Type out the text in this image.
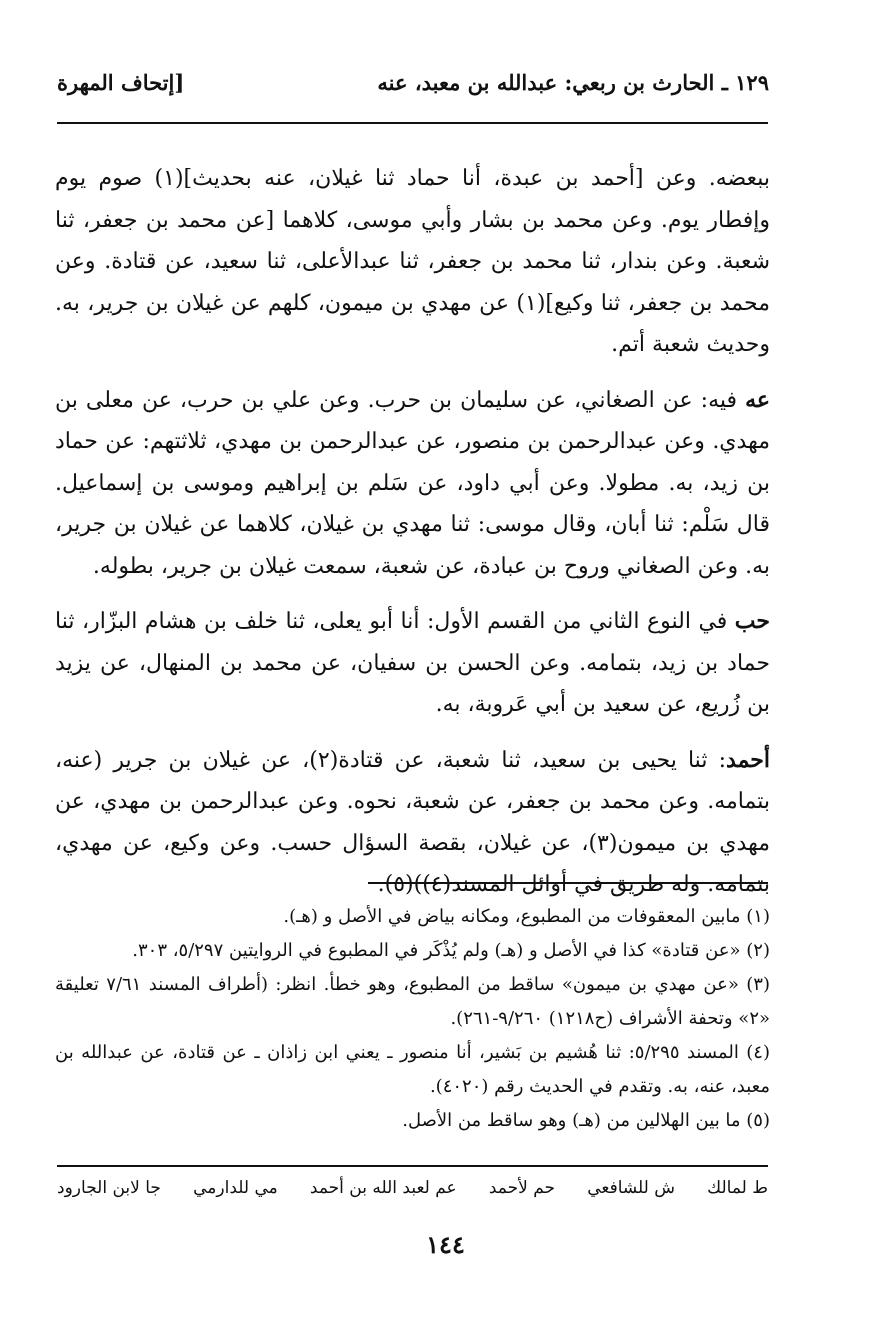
١٢٩ ـ الحارث بن ربعي: عبدالله بن معبد، عنه
[إتحاف المهرة

ببعضه. وعن [أحمد بن عبدة، أنا حماد ثنا غيلان، عنه بحديث](١) صوم يوم وإفطار يوم. وعن محمد بن بشار وأبي موسى، كلاهما [عن محمد بن جعفر، ثنا شعبة. وعن بندار، ثنا محمد بن جعفر، ثنا عبدالأعلى، ثنا سعيد، عن قتادة. وعن محمد بن جعفر، ثنا وكيع](١) عن مهدي بن ميمون، كلهم عن غيلان بن جرير، به. وحديث شعبة أتم.

عه فيه: عن الصغاني، عن سليمان بن حرب. وعن علي بن حرب، عن معلى بن مهدي. وعن عبدالرحمن بن منصور، عن عبدالرحمن بن مهدي، ثلاثتهم: عن حماد بن زيد، به. مطولا. وعن أبي داود، عن سَلم بن إبراهيم وموسى بن إسماعيل. قال سَلْم: ثنا أبان، وقال موسى: ثنا مهدي بن غيلان، كلاهما عن غيلان بن جرير، به. وعن الصغاني وروح بن عبادة، عن شعبة، سمعت غيلان بن جرير، بطوله.

حب في النوع الثاني من القسم الأول: أنا أبو يعلى، ثنا خلف بن هشام البزّار، ثنا حماد بن زيد، بتمامه. وعن الحسن بن سفيان، عن محمد بن المنهال، عن يزيد بن زُريع، عن سعيد بن أبي عَروبة، به.

أحمد: ثنا يحيى بن سعيد، ثنا شعبة، عن قتادة(٢)، عن غيلان بن جرير (عنه، بتمامه. وعن محمد بن جعفر، عن شعبة، نحوه. وعن عبدالرحمن بن مهدي، عن مهدي بن ميمون(٣)، عن غيلان، بقصة السؤال حسب. وعن وكيع، عن مهدي، بتمامه. وله طريق في أوائل المسند(٤))(٥).

(١) مابين المعقوفات من المطبوع، ومكانه بياض في الأصل و (هـ).

(٢) «عن قتادة» كذا في الأصل و (هـ) ولم يُذْكَر في المطبوع في الروايتين ٥/٢٩٧، ٣٠٣.

(٣) «عن مهدي بن ميمون» ساقط من المطبوع، وهو خطأ. انظر: (أطراف المسند ٧/٦١ تعليقة «٢» وتحفة الأشراف (ح١٢١٨) ٩/٢٦٠-٢٦١).

(٤) المسند ٥/٢٩٥: ثنا هُشيم بن بَشير، أنا منصور ـ يعني ابن زاذان ـ عن قتادة، عن عبدالله بن معبد، عنه، به. وتقدم في الحديث رقم (٤٠٢٠).

(٥) ما بين الهلالين من (هـ) وهو ساقط من الأصل.

ط لمالك
ش للشافعي
حم لأحمد
عم لعبد الله بن أحمد
مي للدارمي
جا لابن الجارود
١٤٤
